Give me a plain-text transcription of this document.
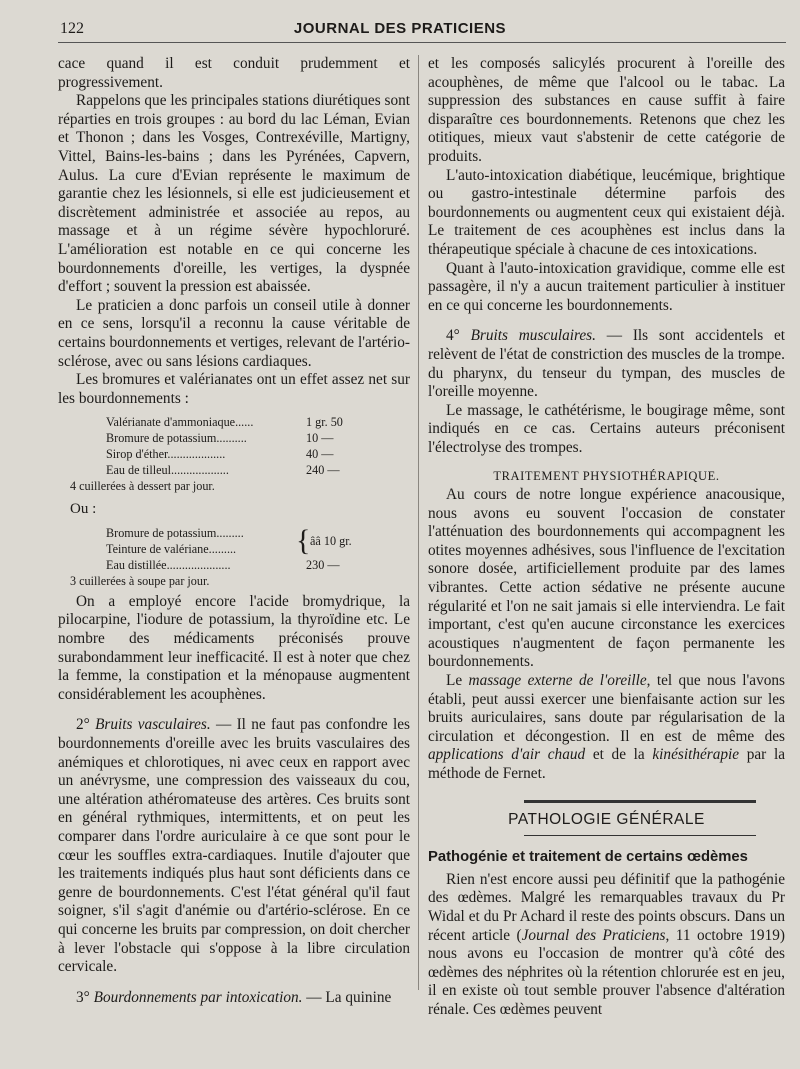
122	JOURNAL DES PRATICIENS

cace quand il est conduit prudemment et progressivement.

Rappelons que les principales stations diurétiques sont réparties en trois groupes : au bord du lac Léman, Evian et Thonon ; dans les Vosges, Contrexéville, Martigny, Vittel, Bains-les-bains ; dans les Pyrénées, Capvern, Aulus. La cure d'Evian représente le maximum de garantie chez les lésionnels, si elle est judicieusement et discrètement administrée et associée au repos, au massage et à un régime sévère hypochloruré. L'amélioration est notable en ce qui concerne les bourdonnements d'oreille, les vertiges, la dyspnée d'effort ; souvent la pression est abaissée.

Le praticien a donc parfois un conseil utile à donner en ce sens, lorsqu'il a reconnu la cause véritable de certains bourdonnements et vertiges, relevant de l'artério-sclérose, avec ou sans lésions cardiaques.

Les bromures et valérianates ont un effet assez net sur les bourdonnements :

Valérianate d'ammoniaque......	1 gr. 50
Bromure de potassium..........	10 —
Sirop d'éther...................	40 —
Eau de tilleul...................	240 —
4 cuillerées à dessert par jour.
Ou :
Bromure de potassium.........
Teinture de valériane.........	{ ââ 10 gr.
Eau distillée.....................	230 —
3 cuillerées à soupe par jour.

On a employé encore l'acide bromydrique, la pilocarpine, l'iodure de potassium, la thyroïdine etc. Le nombre des médicaments préconisés prouve surabondamment leur inefficacité. Il est à noter que chez la femme, la constipation et la ménopause augmentent considérablement les acouphènes.

2° Bruits vasculaires. — Il ne faut pas confondre les bourdonnements d'oreille avec les bruits vasculaires des anémiques et chlorotiques, ni avec ceux en rapport avec un anévrysme, une compression des vaisseaux du cou, une altération athéromateuse des artères. Ces bruits sont en général rythmiques, intermittents, et on peut les comparer dans l'ordre auriculaire à ce que sont pour le cœur les souffles extra-cardiaques. Inutile d'ajouter que les traitements indiqués plus haut sont déficients dans ce genre de bourdonnements. C'est l'état général qu'il faut soigner, s'il s'agit d'anémie ou d'artério-sclérose. En ce qui concerne les bruits par compression, on doit chercher à lever l'obstacle qui s'oppose à la libre circulation cervicale.

3° Bourdonnements par intoxication. — La quinine

et les composés salicylés procurent à l'oreille des acouphènes, de même que l'alcool ou le tabac. La suppression des substances en cause suffit à faire disparaître ces bourdonnements. Retenons que chez les otitiques, mieux vaut s'abstenir de cette catégorie de produits.

L'auto-intoxication diabétique, leucémique, brightique ou gastro-intestinale détermine parfois des bourdonnements ou augmentent ceux qui existaient déjà. Le traitement de ces acouphènes est inclus dans la thérapeutique spéciale à chacune de ces intoxications.

Quant à l'auto-intoxication gravidique, comme elle est passagère, il n'y a aucun traitement particulier à instituer en ce qui concerne les bourdonnements.

4° Bruits musculaires. — Ils sont accidentels et relèvent de l'état de constriction des muscles de la trompe. du pharynx, du tenseur du tympan, des muscles de l'oreille moyenne.

Le massage, le cathétérisme, le bougirage même, sont indiqués en ce cas. Certains auteurs préconisent l'électrolyse des trompes.

TRAITEMENT PHYSIOTHÉRAPIQUE.

Au cours de notre longue expérience anacousique, nous avons eu souvent l'occasion de constater l'atténuation des bourdonnements qui accompagnent les otites moyennes adhésives, sous l'influence de l'excitation sonore dosée, artificiellement produite par des lames vibrantes. Cette action sédative ne présente aucune régularité et l'on ne sait jamais si elle interviendra. Le fait important, c'est qu'en aucune circonstance les exercices acoustiques n'augmentent de façon permanente les bourdonnements.

Le massage externe de l'oreille, tel que nous l'avons établi, peut aussi exercer une bienfaisante action sur les bruits auriculaires, sans doute par régularisation de la circulation et décongestion. Il en est de même des applications d'air chaud et de la kinésithérapie par la méthode de Fernet.

PATHOLOGIE GÉNÉRALE
Pathogénie et traitement de certains œdèmes

Rien n'est encore aussi peu définitif que la pathogénie des œdèmes. Malgré les remarquables travaux du Pr Widal et du Pr Achard il reste des points obscurs. Dans un récent article (Journal des Praticiens, 11 octobre 1919) nous avons eu l'occasion de montrer qu'à côté des œdèmes des néphrites où la rétention chlorurée est en jeu, il en existe où tout semble prouver l'absence d'altération rénale. Ces œdèmes peuvent
